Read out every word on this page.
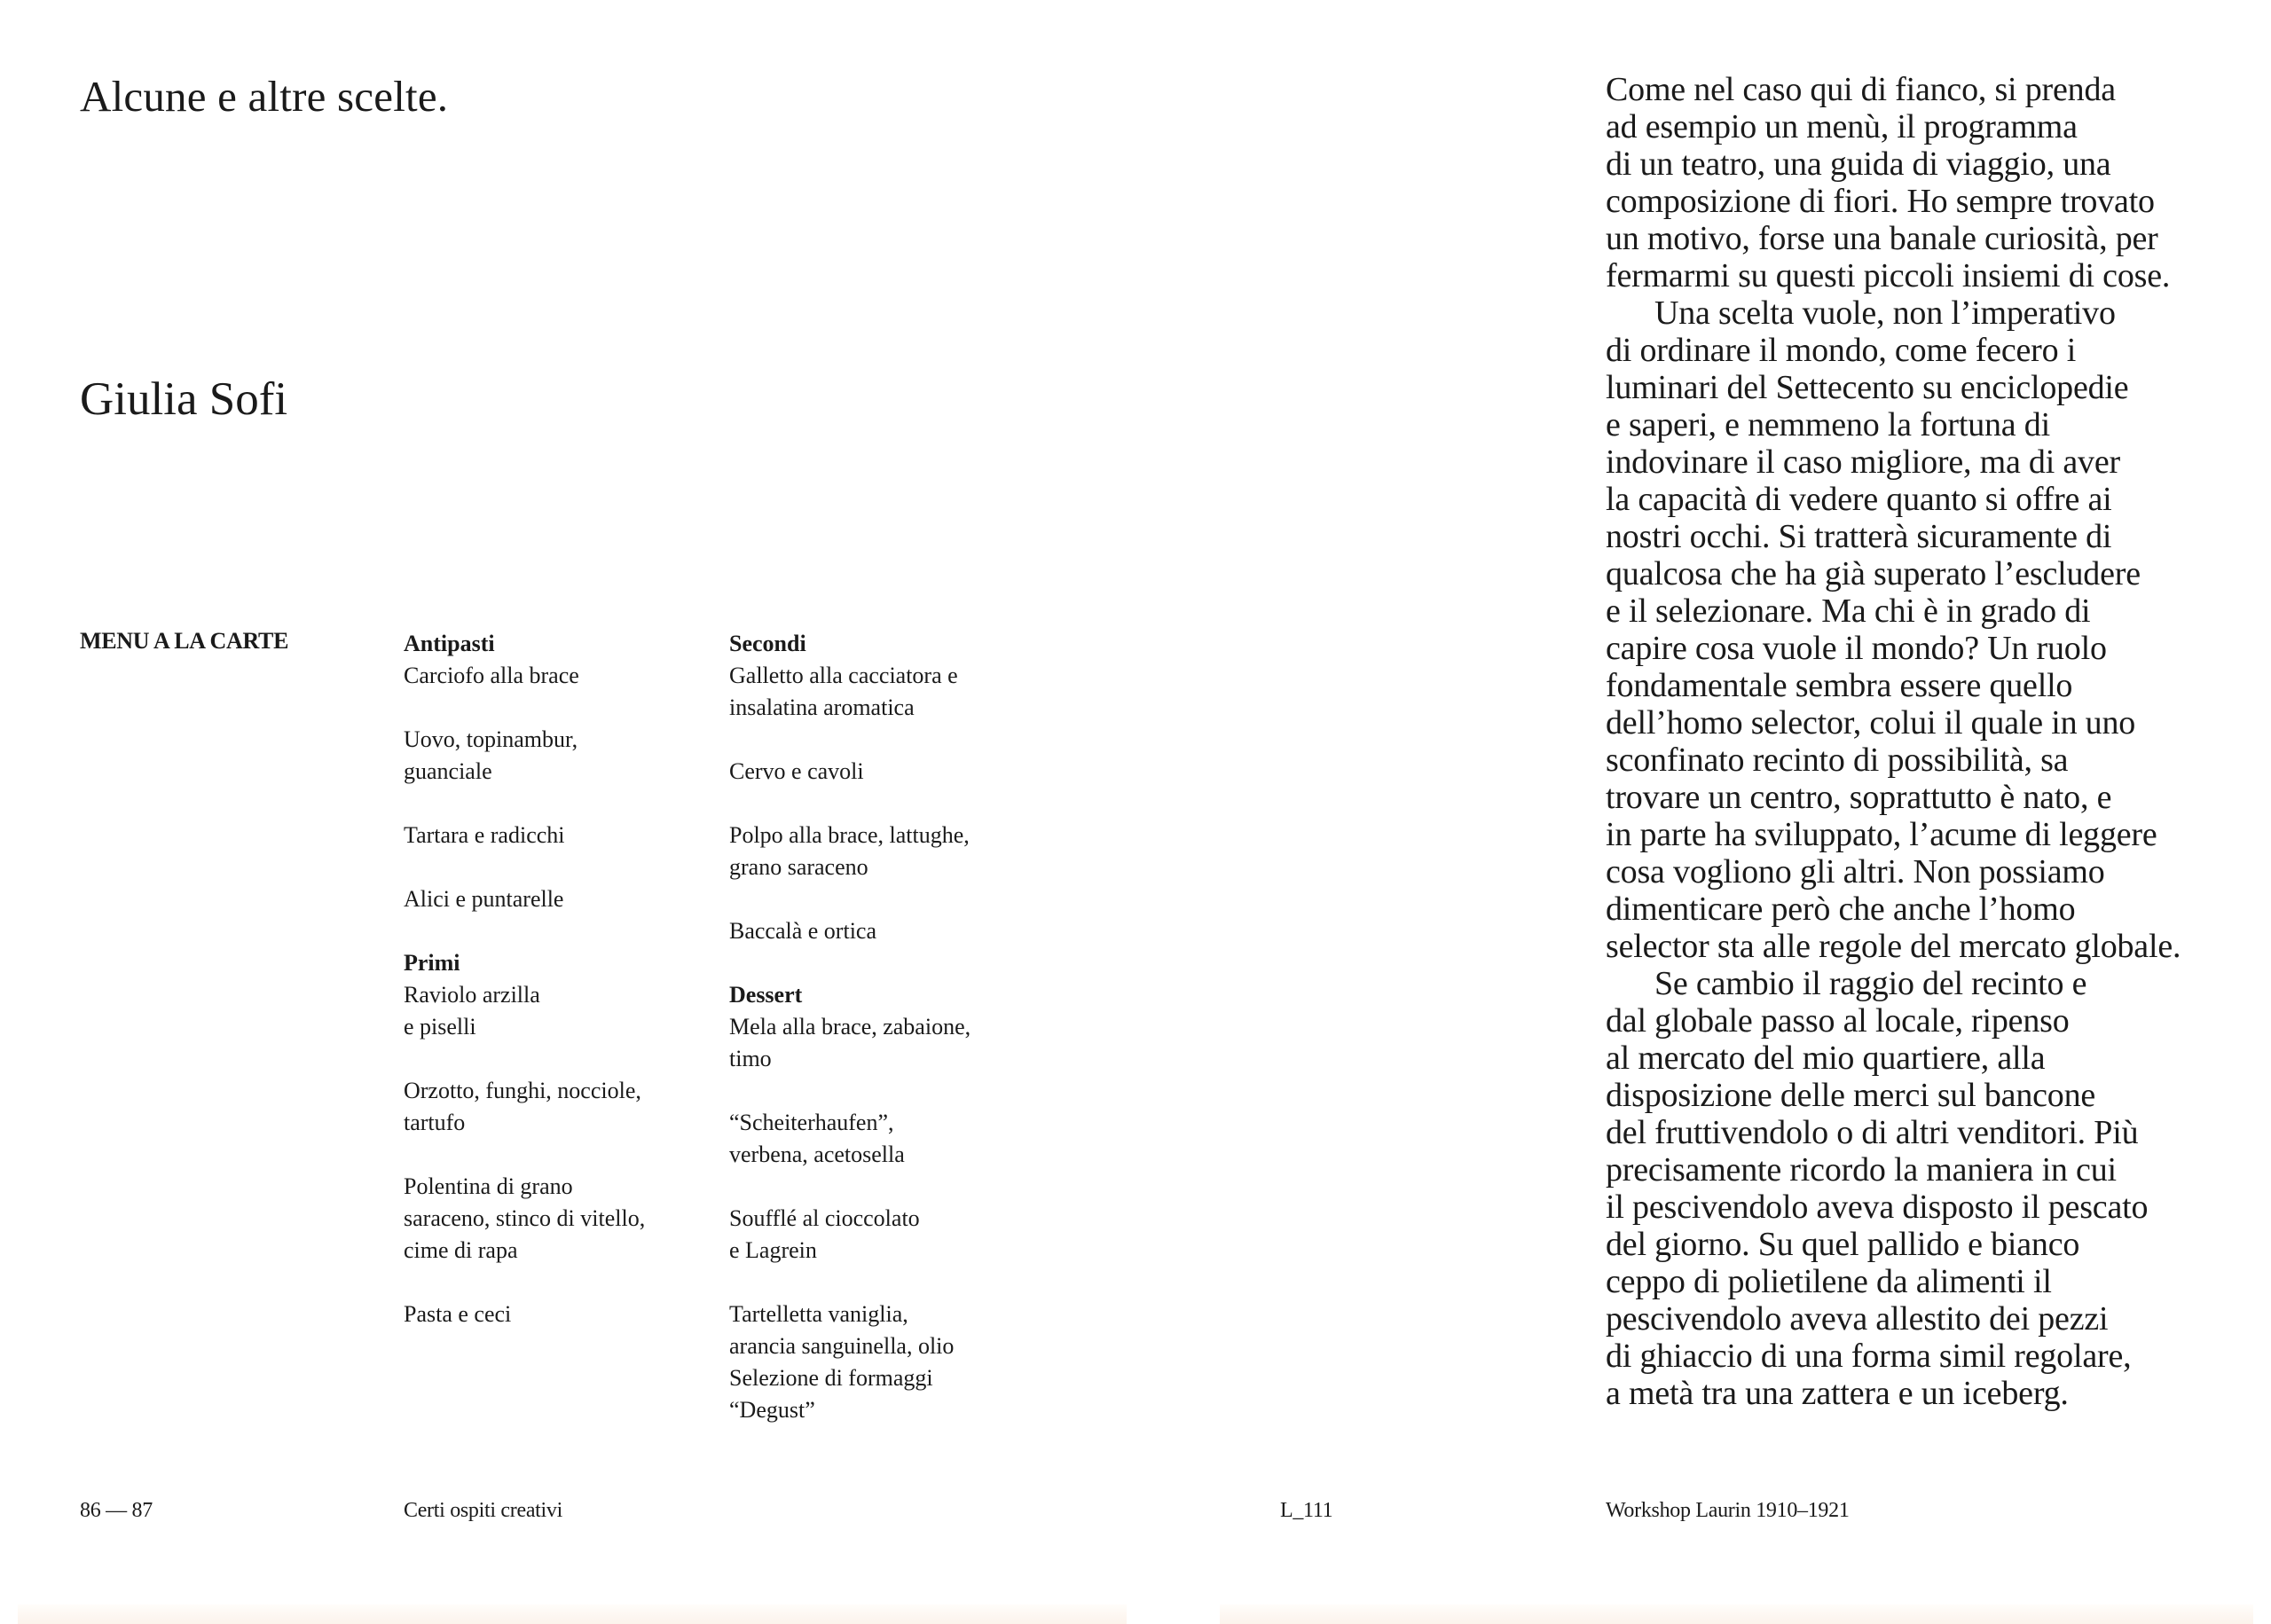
Alcune e altre scelte.
Giulia Sofi
MENU A LA CARTE	Antipasti
Carciofo alla brace
Uovo, topinambur,
guanciale
Tartara e radicchi
Alici e puntarelle
Primi
Raviolo arzilla
e piselli
Orzotto, funghi, nocciole,
tartufo
Polentina di grano
saraceno, stinco di vitello,
cime di rapa
Pasta e ceci
Secondi
Galletto alla cacciatora e
insalatina aromatica
Cervo e cavoli
Polpo alla brace, lattughe,
grano saraceno
Baccalà e ortica
Dessert
Mela alla brace, zabaione,
timo
“Scheiterhaufen”,
verbena, acetosella
Soufflé al cioccolato
e Lagrein
Tartelletta vaniglia,
arancia sanguinella, olio
Selezione di formaggi
“Degust”
86 — 87	Certi ospiti creativi
Come nel caso qui di fianco, si prenda
ad esempio un menù, il programma
di un teatro, una guida di viaggio, una
composizione di fiori. Ho sempre trovato
un motivo, forse una banale curiosità, per
fermarmi su questi piccoli insiemi di cose.
Una scelta vuole, non l’imperativo
di ordinare il mondo, come fecero i
luminari del Settecento su enciclopedie
e saperi, e nemmeno la fortuna di
indovinare il caso migliore, ma di aver
la capacità di vedere quanto si offre ai
nostri occhi. Si tratterà sicuramente di
qualcosa che ha già superato l’escludere
e il selezionare. Ma chi è in grado di
capire cosa vuole il mondo? Un ruolo
fondamentale sembra essere quello
dell’homo selector, colui il quale in uno
sconfinato recinto di possibilità, sa
trovare un centro, soprattutto è nato, e
in parte ha sviluppato, l’acume di leggere
cosa vogliono gli altri. Non possiamo
dimenticare però che anche l’homo
selector sta alle regole del mercato globale.
Se cambio il raggio del recinto e
dal globale passo al locale, ripenso
al mercato del mio quartiere, alla
disposizione delle merci sul bancone
del fruttivendolo o di altri venditori. Più
precisamente ricordo la maniera in cui
il pescivendolo aveva disposto il pescato
del giorno. Su quel pallido e bianco
ceppo di polietilene da alimenti il
pescivendolo aveva allestito dei pezzi
di ghiaccio di una forma simil regolare,
a metà tra una zattera e un iceberg.
L_111	Workshop Laurin 1910–1921
